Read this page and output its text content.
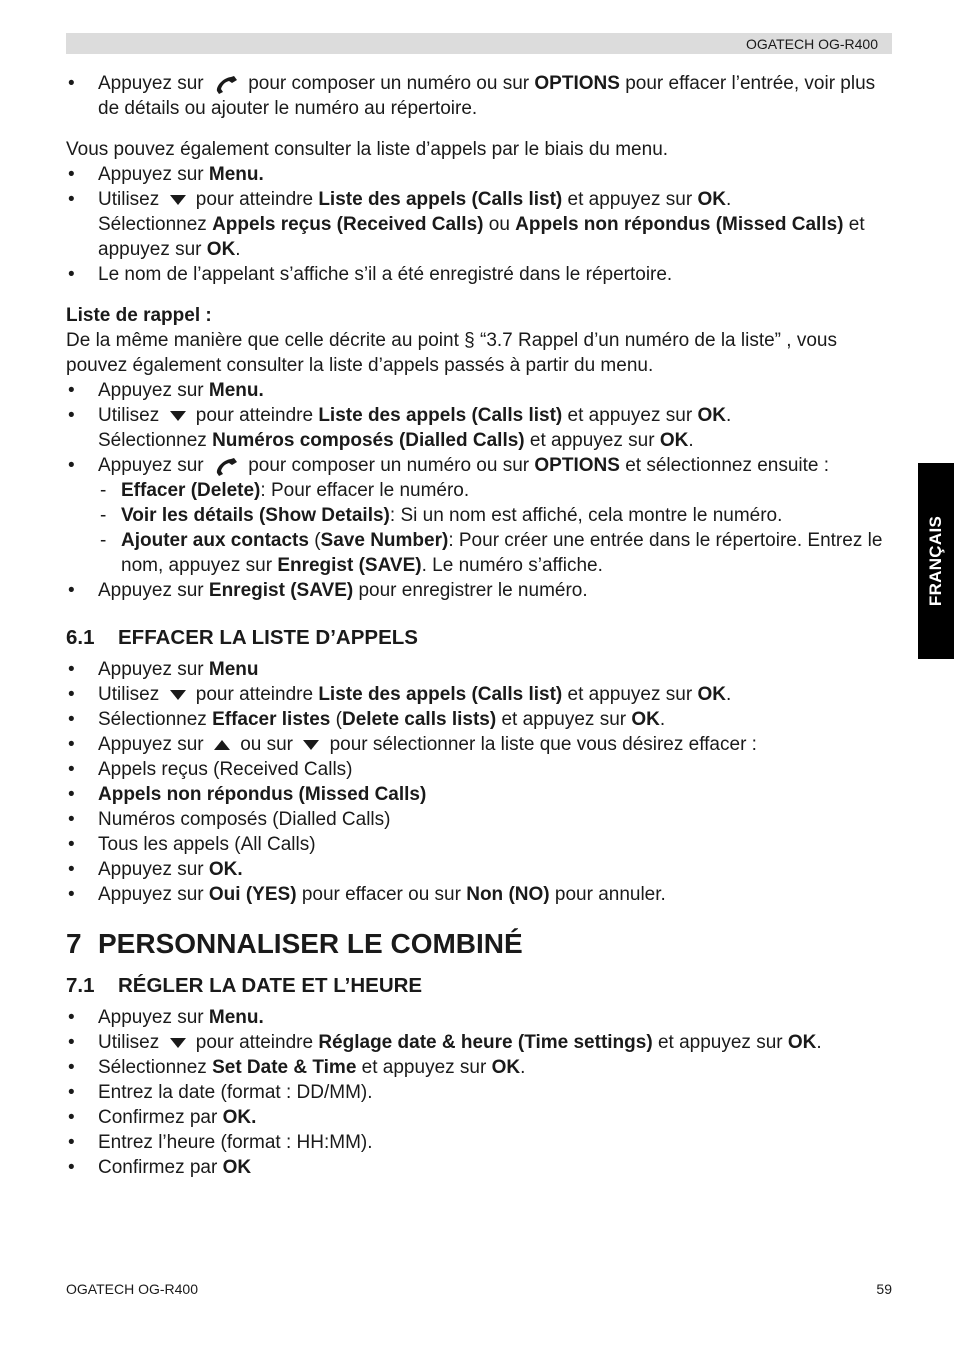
OGATECH OG-R400
FRANÇAIS
• Appuyez sur pour composer un numéro ou sur OPTIONS pour effacer l’entrée, voir plus de détails ou ajouter le numéro au répertoire.
Vous pouvez également consulter la liste d’appels par le biais du menu.
• Appuyez sur Menu.
• Utilisez pour atteindre Liste des appels (Calls list) et appuyez sur OK.
Sélectionnez Appels reçus (Received Calls) ou Appels non répondus (Missed Calls) et appuyez sur OK.
• Le nom de l’appelant s’affiche s’il a été enregistré dans le répertoire.
Liste de rappel :
De la même manière que celle décrite au point § “3.7 Rappel d’un numéro de la liste” , vous pouvez également consulter la liste d’appels passés à partir du menu.
• Appuyez sur Menu.
• Utilisez pour atteindre Liste des appels (Calls list) et appuyez sur OK.
Sélectionnez Numéros composés (Dialled Calls) et appuyez sur OK.
• Appuyez sur pour composer un numéro ou sur OPTIONS et sélectionnez ensuite :
- Effacer (Delete): Pour effacer le numéro.
- Voir les détails (Show Details): Si un nom est affiché, cela montre le numéro.
- Ajouter aux contacts (Save Number): Pour créer une entrée dans le répertoire. Entrez le nom, appuyez sur Enregist (SAVE). Le numéro s’affiche.
• Appuyez sur Enregist (SAVE) pour enregistrer le numéro.
6.1 EFFACER LA LISTE D’APPELS
• Appuyez sur Menu
• Utilisez pour atteindre Liste des appels (Calls list) et appuyez sur OK.
• Sélectionnez Effacer listes (Delete calls lists) et appuyez sur OK.
• Appuyez sur ou sur pour sélectionner la liste que vous désirez effacer :
• Appels reçus (Received Calls)
• Appels non répondus (Missed Calls)
• Numéros composés (Dialled Calls)
• Tous les appels (All Calls)
• Appuyez sur OK.
• Appuyez sur Oui (YES) pour effacer ou sur Non (NO) pour annuler.
7 PERSONNALISER LE COMBINÉ
7.1 RÉGLER LA DATE ET L’HEURE
• Appuyez sur Menu.
• Utilisez pour atteindre Réglage date & heure (Time settings) et appuyez sur OK.
• Sélectionnez Set Date & Time et appuyez sur OK.
• Entrez la date (format : DD/MM).
• Confirmez par OK.
• Entrez l’heure (format : HH:MM).
• Confirmez par OK
OGATECH OG-R400	59
